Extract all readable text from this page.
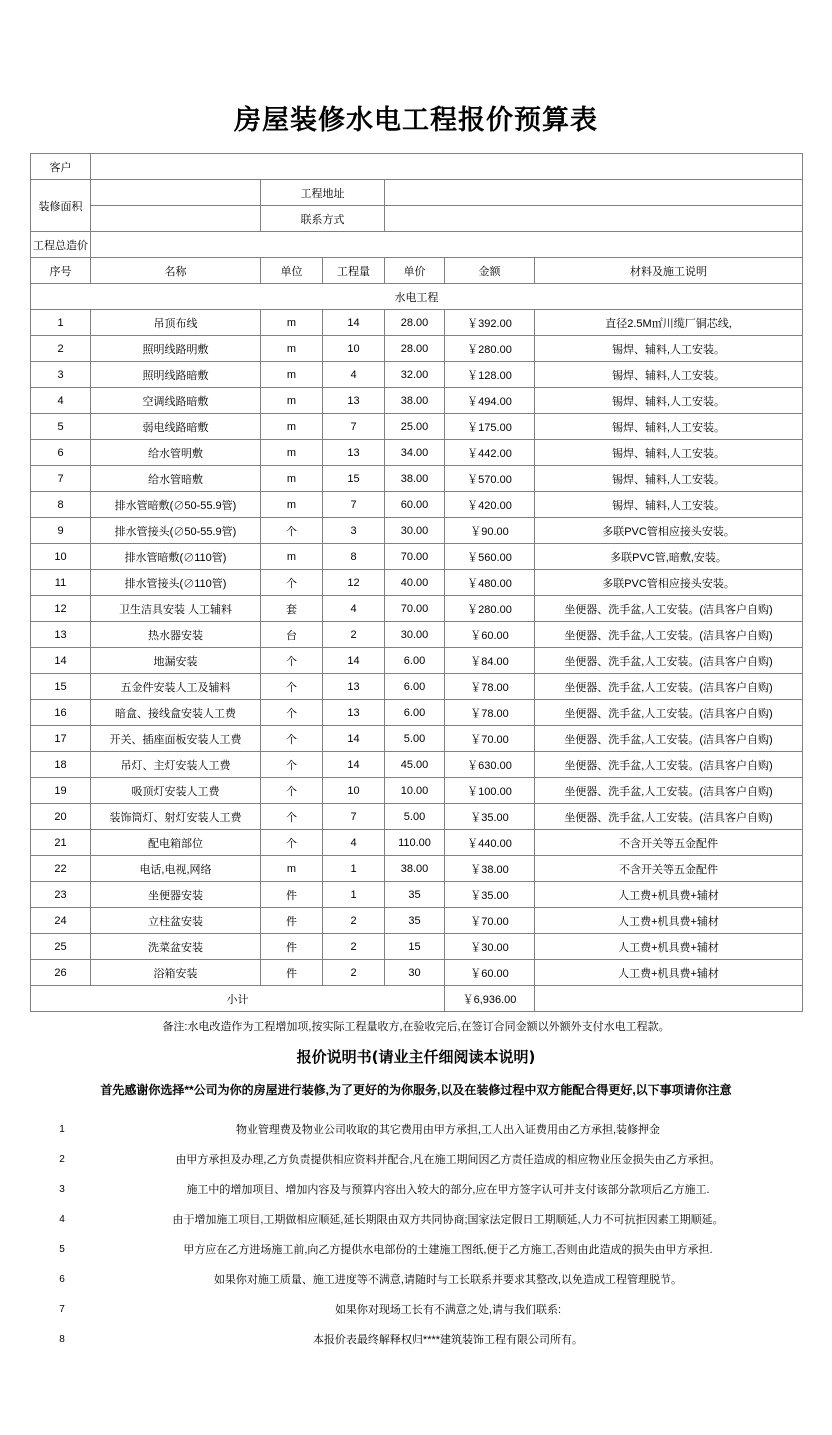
房屋装修水电工程报价预算表
客户						
装修面积		工程地址				
		联系方式				
工程总造价						
序号	名称	单位	工程量	单价	金额	材料及施工说明
水电工程						
1	吊顶布线	m	14	28.00	￥392.00	直径2.5M㎡川缆厂铜芯线,
2	照明线路明敷	m	10	28.00	￥280.00	锡焊、辅料,人工安装。
3	照明线路暗敷	m	4	32.00	￥128.00	锡焊、辅料,人工安装。
4	空调线路暗敷	m	13	38.00	￥494.00	锡焊、辅料,人工安装。
5	弱电线路暗敷	m	7	25.00	￥175.00	锡焊、辅料,人工安装。
6	给水管明敷	m	13	34.00	￥442.00	锡焊、辅料,人工安装。
7	给水管暗敷	m	15	38.00	￥570.00	锡焊、辅料,人工安装。
8	排水管暗敷(∅50-55.9管)	m	7	60.00	￥420.00	锡焊、辅料,人工安装。
9	排水管接头(∅50-55.9管)	个	3	30.00	￥90.00	多联PVC管相应接头安装。
10	排水管暗敷(∅110管)	m	8	70.00	￥560.00	多联PVC管,暗敷,安装。
11	排水管接头(∅110管)	个	12	40.00	￥480.00	多联PVC管相应接头安装。
12	卫生洁具安装 人工辅料	套	4	70.00	￥280.00	坐便器、洗手盆,人工安装。(洁具客户自购)
13	热水器安装	台	2	30.00	￥60.00	坐便器、洗手盆,人工安装。(洁具客户自购)
14	地漏安装	个	14	6.00	￥84.00	坐便器、洗手盆,人工安装。(洁具客户自购)
15	五金件安装人工及辅料	个	13	6.00	￥78.00	坐便器、洗手盆,人工安装。(洁具客户自购)
16	暗盒、接线盒安装人工费	个	13	6.00	￥78.00	坐便器、洗手盆,人工安装。(洁具客户自购)
17	开关、插座面板安装人工费	个	14	5.00	￥70.00	坐便器、洗手盆,人工安装。(洁具客户自购)
18	吊灯、主灯安装人工费	个	14	45.00	￥630.00	坐便器、洗手盆,人工安装。(洁具客户自购)
19	吸顶灯安装人工费	个	10	10.00	￥100.00	坐便器、洗手盆,人工安装。(洁具客户自购)
20	装饰筒灯、射灯安装人工费	个	7	5.00	￥35.00	坐便器、洗手盆,人工安装。(洁具客户自购)
21	配电箱部位	个	4	110.00	￥440.00	不含开关等五金配件
22	电话,电视,网络	m	1	38.00	￥38.00	不含开关等五金配件
23	坐便器安装	件	1	35	￥35.00	人工费+机具费+辅材
24	立柱盆安装	件	2	35	￥70.00	人工费+机具费+辅材
25	洗菜盆安装	件	2	15	￥30.00	人工费+机具费+辅材
26	浴箱安装	件	2	30	￥60.00	人工费+机具费+辅材
小计					￥6,936.00	
备注:水电改造作为工程增加项,按实际工程量收方,在验收完后,在签订合同金额以外额外支付水电工程款。
报价说明书(请业主仟细阅读本说明)
首先感谢你选择**公司为你的房屋进行装修,为了更好的为你服务,以及在装修过程中双方能配合得更好,以下事项请你注意
1	物业管理费及物业公司收取的其它费用由甲方承担,工人出入证费用由乙方承担,装修押金
2	由甲方承担及办理,乙方负责提供相应资料并配合,凡在施工期间因乙方责任造成的相应物业压金损失由乙方承担。
3	施工中的增加项目、增加内容及与预算内容出入较大的部分,应在甲方签字认可并支付该部分款项后乙方施工.
4	由于增加施工项目,工期做相应顺延,延长期限由双方共同协商;国家法定假日工期顺延,人力不可抗拒因素工期顺延。
5	甲方应在乙方进场施工前,向乙方提供水电部份的土建施工图纸,便于乙方施工,否则由此造成的损失由甲方承担.
6	如果你对施工质量、施工进度等不满意,请随时与工长联系并要求其整改,以免造成工程管理脱节。
7	如果你对现场工长有不满意之处,请与我们联系:
8	本报价表最终解释权归****建筑装饰工程有限公司所有。
